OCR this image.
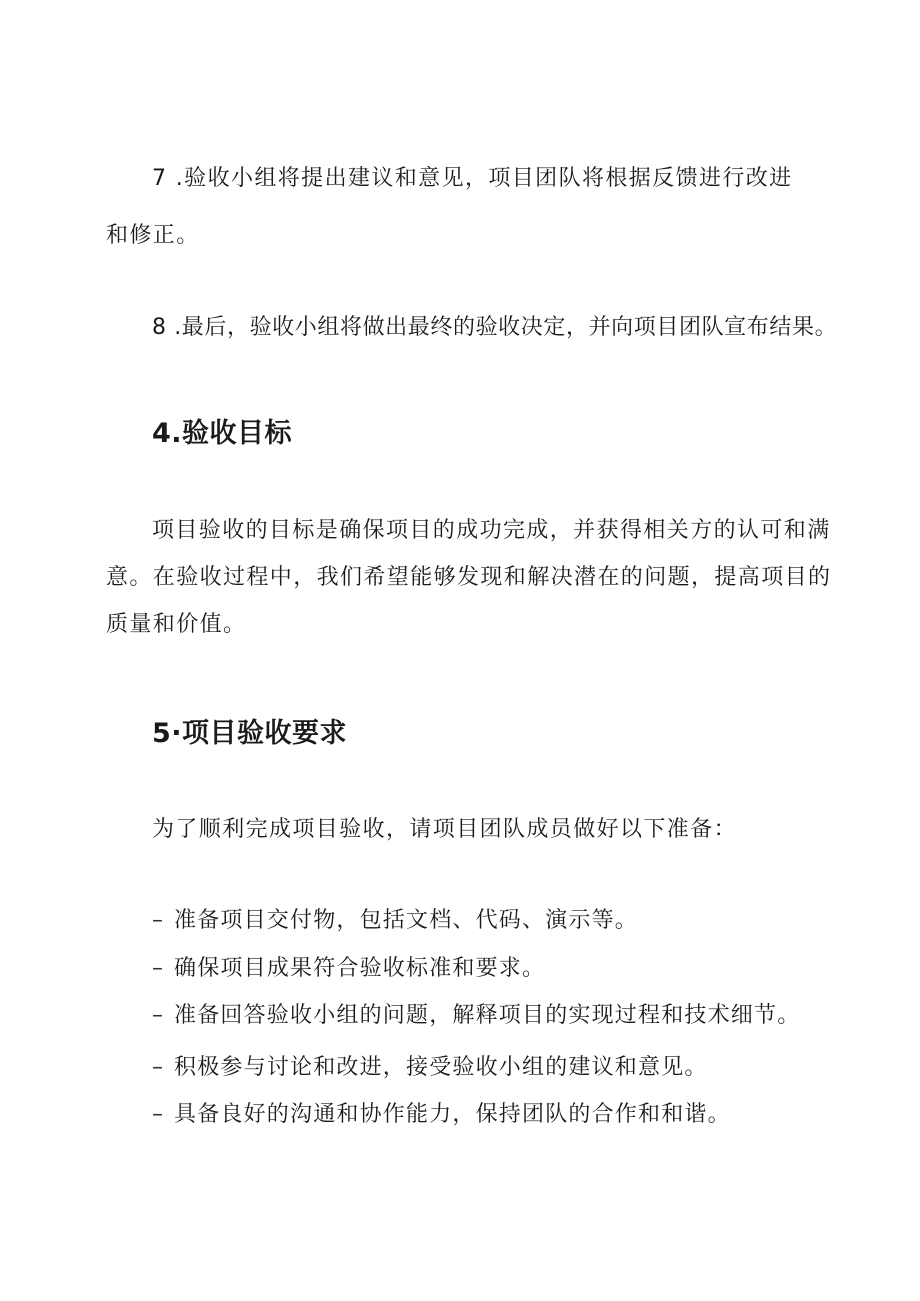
7 .验收小组将提出建议和意见，项目团队将根据反馈进行改进
和修正。
8 .最后，验收小组将做出最终的验收决定，并向项目团队宣布结果。
4.验收目标
项目验收的目标是确保项目的成功完成，并获得相关方的认可和满
意。在验收过程中，我们希望能够发现和解决潜在的问题，提高项目的
质量和价值。
5·项目验收要求
为了顺利完成项目验收，请项目团队成员做好以下准备：
– 准备项目交付物，包括文档、代码、演示等。
– 确保项目成果符合验收标准和要求。
– 准备回答验收小组的问题，解释项目的实现过程和技术细节。
– 积极参与讨论和改进，接受验收小组的建议和意见。
– 具备良好的沟通和协作能力，保持团队的合作和和谐。
